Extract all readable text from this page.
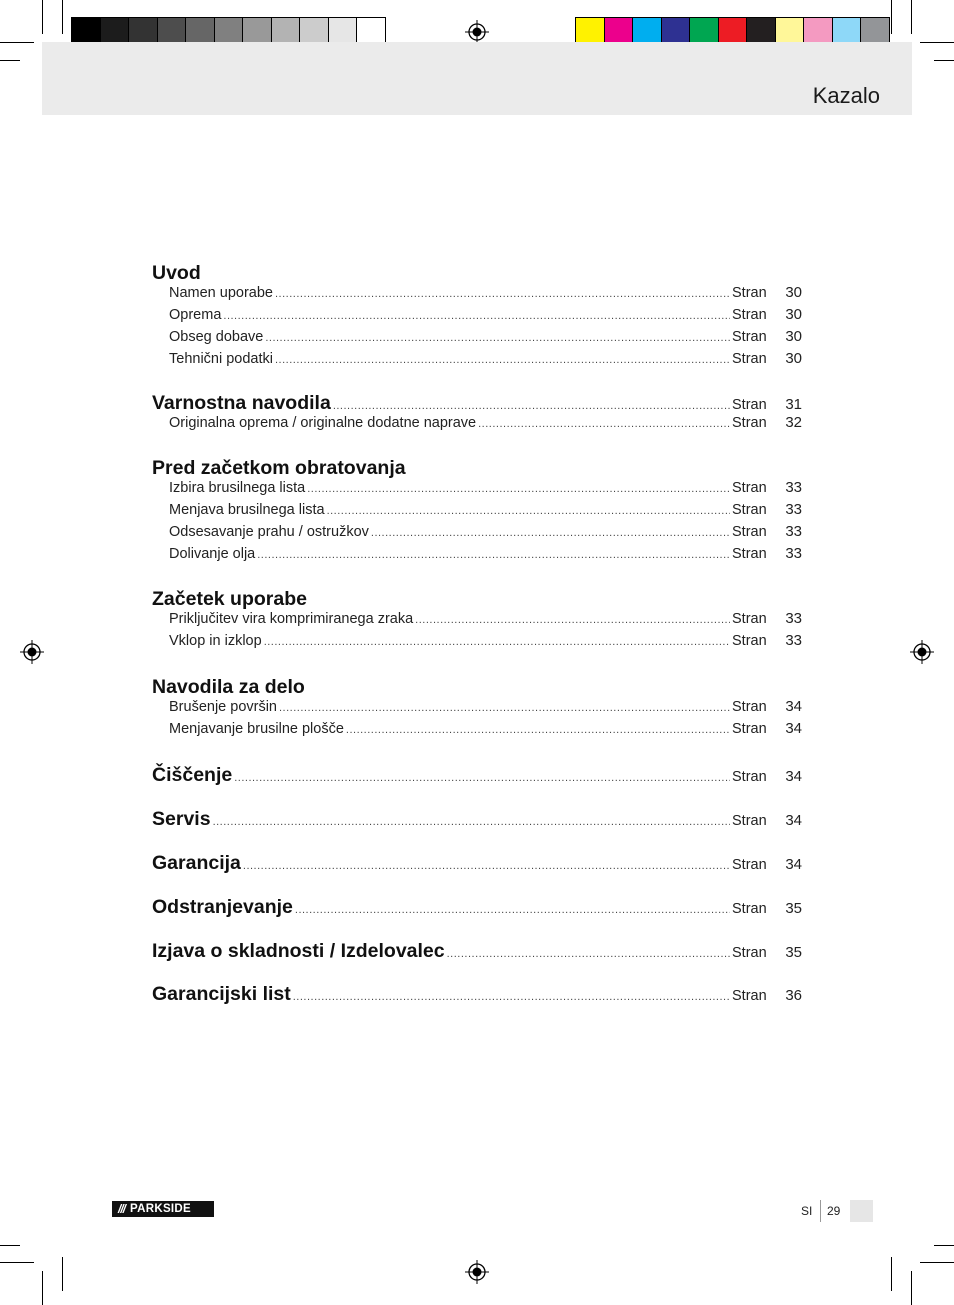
Kazalo
Uvod
Namen uporabe .....	Stran	30
Oprema .....	Stran	30
Obseg dobave .....	Stran	30
Tehnični podatki .....	Stran	30
Varnostna navodila .....	Stran	31
Originalna oprema / originalne dodatne naprave .....	Stran	32
Pred začetkom obratovanja
Izbira brusilnega lista .....	Stran	33
Menjava brusilnega lista .....	Stran	33
Odsesavanje prahu / ostružkov .....	Stran	33
Dolivanje olja .....	Stran	33
Začetek uporabe
Priključitev vira komprimiranega zraka .....	Stran	33
Vklop in izklop .....	Stran	33
Navodila za delo
Brušenje površin .....	Stran	34
Menjavanje brusilne plošče .....	Stran	34
Čiščenje .....	Stran	34
Servis .....	Stran	34
Garancija .....	Stran	34
Odstranjevanje .....	Stran	35
Izjava o skladnosti / Izdelovalec .....	Stran	35
Garancijski list .....	Stran	36
/// PARKSIDE	SI 29
